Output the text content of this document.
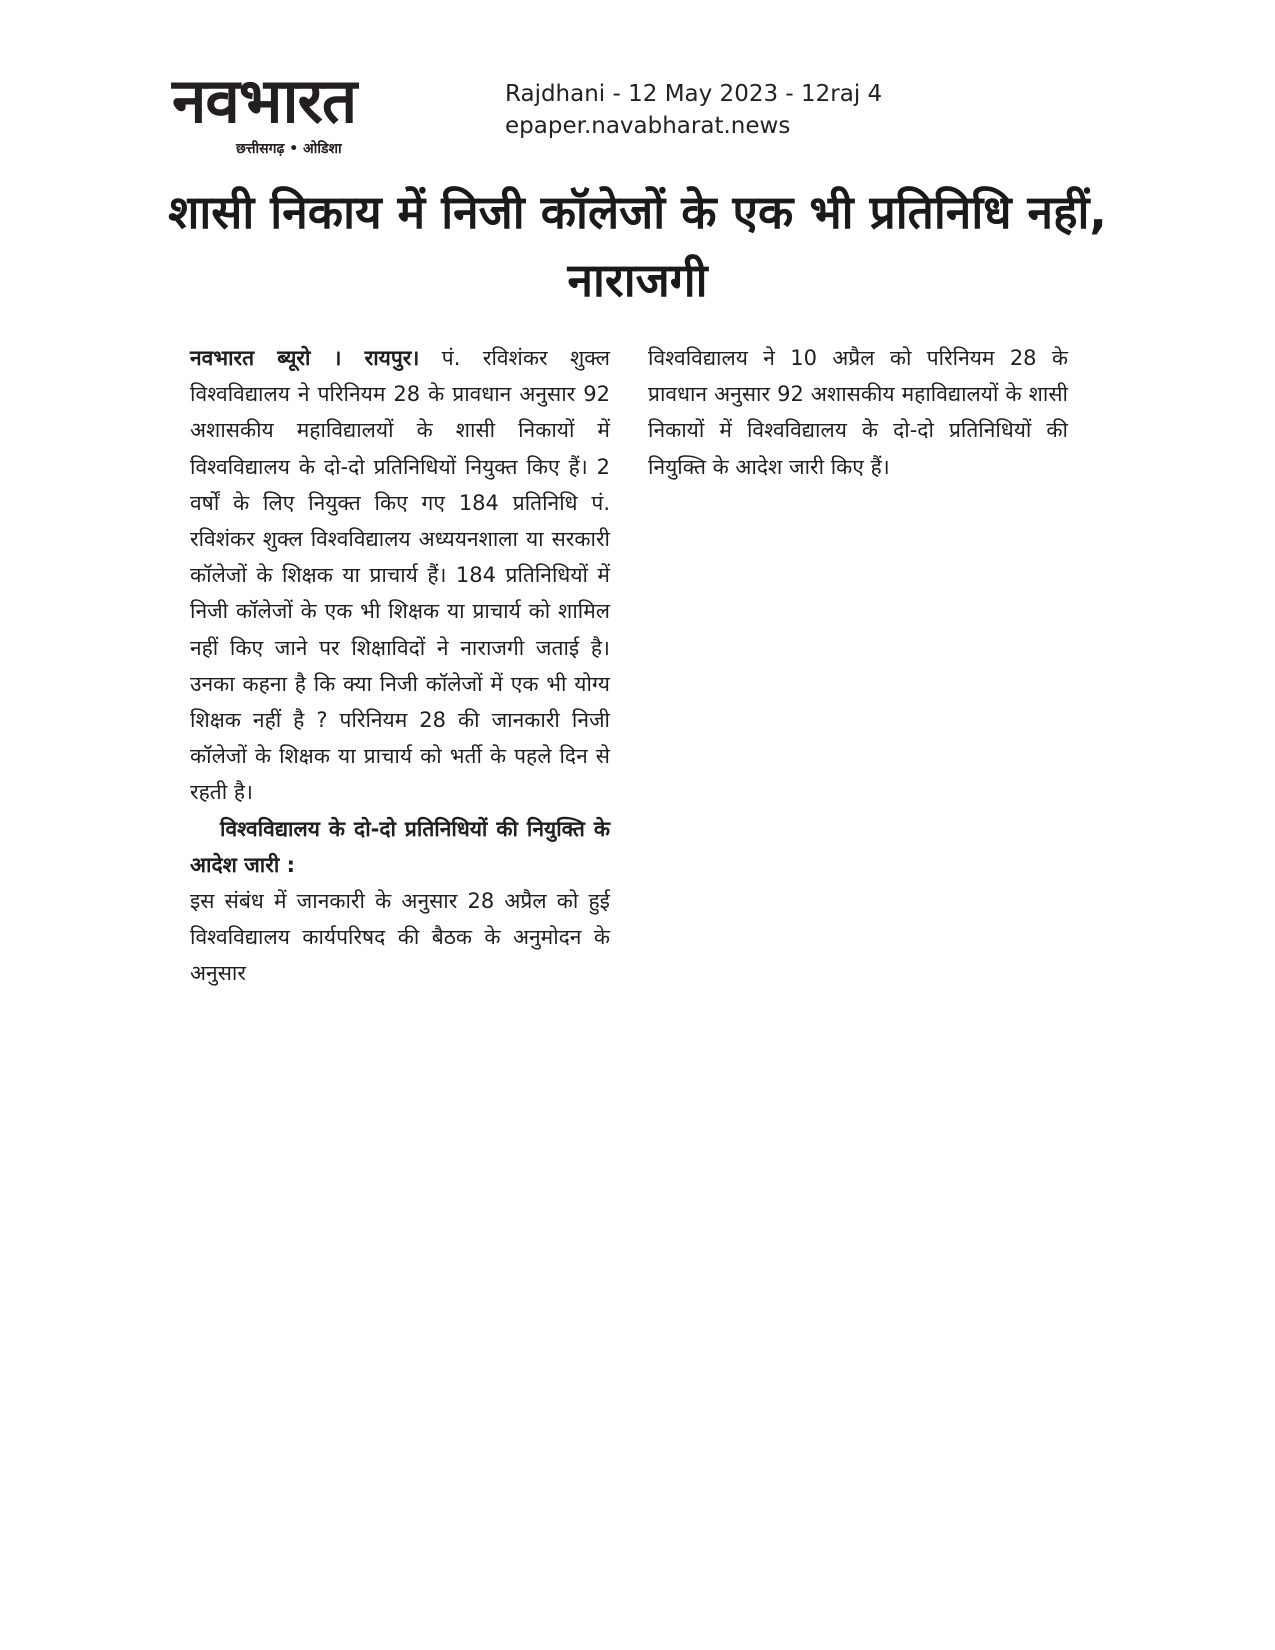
नवभारत
छत्तीसगढ़ • ओडिशा
Rajdhani - 12 May 2023 - 12raj 4
epaper.navabharat.news
शासी निकाय में निजी कॉलेजों के एक भी प्रतिनिधि नहीं, नाराजगी

नवभारत ब्यूरो । रायपुर। पं. रविशंकर शुक्ल विश्वविद्यालय ने परिनियम 28 के प्रावधान अनुसार 92 अशासकीय महाविद्यालयों के शासी निकायों में विश्वविद्यालय के दो-दो प्रतिनिधियों नियुक्त किए हैं। 2 वर्षों के लिए नियुक्त किए गए 184 प्रतिनिधि पं. रविशंकर शुक्ल विश्वविद्यालय अध्ययनशाला या सरकारी कॉलेजों के शिक्षक या प्राचार्य हैं। 184 प्रतिनिधियों में निजी कॉलेजों के एक भी शिक्षक या प्राचार्य को शामिल नहीं किए जाने पर शिक्षाविदों ने नाराजगी जताई है। उनका कहना है कि क्या निजी कॉलेजों में एक भी योग्य शिक्षक नहीं है ? परिनियम 28 की जानकारी निजी कॉलेजों के शिक्षक या प्राचार्य को भर्ती के पहले दिन से रहती है।

विश्वविद्यालय के दो-दो प्रतिनिधियों की नियुक्ति के आदेश जारी :

इस संबंध में जानकारी के अनुसार 28 अप्रैल को हुई विश्वविद्यालय कार्यपरिषद की बैठक के अनुमोदन के अनुसार

विश्वविद्यालय ने 10 अप्रैल को परिनियम 28 के प्रावधान अनुसार 92 अशासकीय महाविद्यालयों के शासी निकायों में विश्वविद्यालय के दो-दो प्रतिनिधियों की नियुक्ति के आदेश जारी किए हैं।
